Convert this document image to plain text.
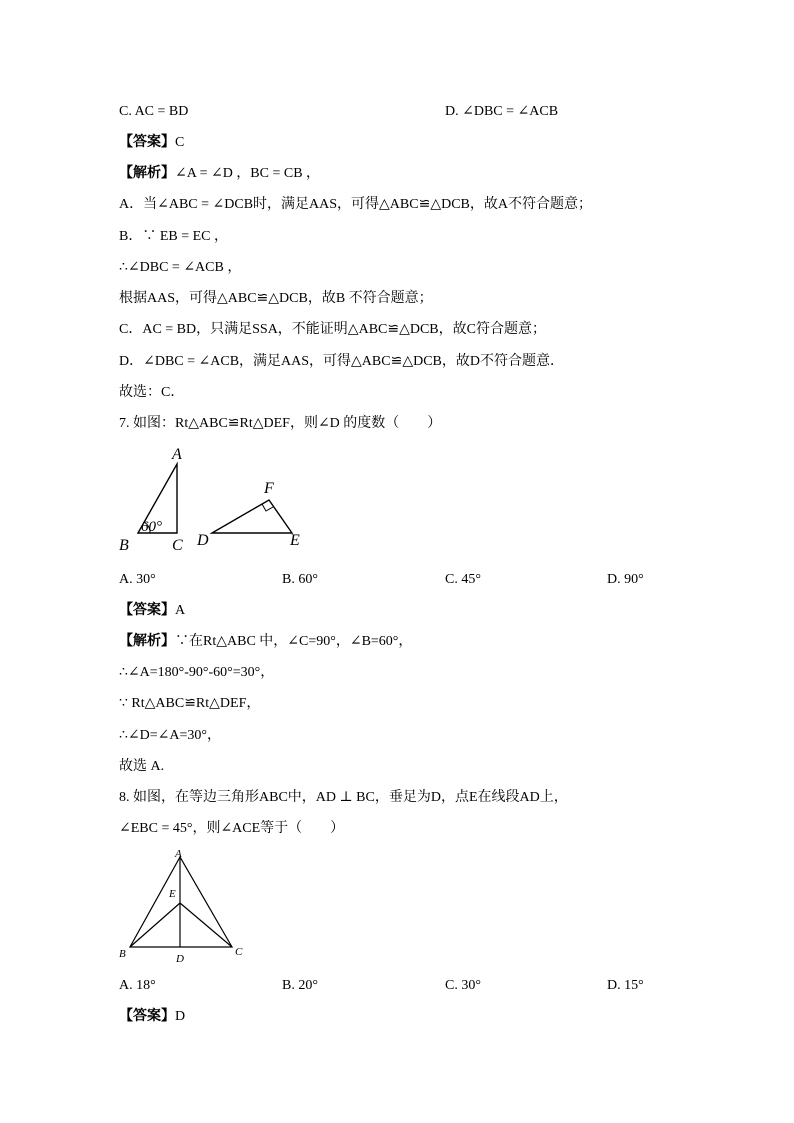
C. AC = BD	D. ∠DBC = ∠ACB
【答案】C
【解析】∠A = ∠D ，BC = CB ，
A．当∠ABC = ∠DCB时，满足AAS，可得△ABC≌△DCB，故A不符合题意；
B．∵ EB = EC ，
∴∠DBC = ∠ACB ，
根据AAS，可得△ABC≌△DCB，故B 不符合题意；
C．AC = BD，只满足SSA，不能证明△ABC≌△DCB，故C符合题意；
D．∠DBC = ∠ACB，满足AAS，可得△ABC≌△DCB，故D不符合题意．
故选：C．
7. 如图：Rt△ABC≌Rt△DEF，则∠D 的度数（　　）
A
B	C
60°
F
D	E
A. 30°	B. 60°	C. 45°	D. 90°
【答案】A
【解析】∵在Rt△ABC 中，∠C=90°，∠B=60°，
∴∠A=180°-90°-60°=30°，
∵ Rt△ABC≌Rt△DEF，
∴∠D=∠A=30°，
故选 A.
8. 如图，在等边三角形ABC中，AD ⊥ BC，垂足为D，点E在线段AD上，
∠EBC = 45°，则∠ACE等于（　　）
A
E
B	D
C
A. 18°	B. 20°	C. 30°	D. 15°
【答案】D
